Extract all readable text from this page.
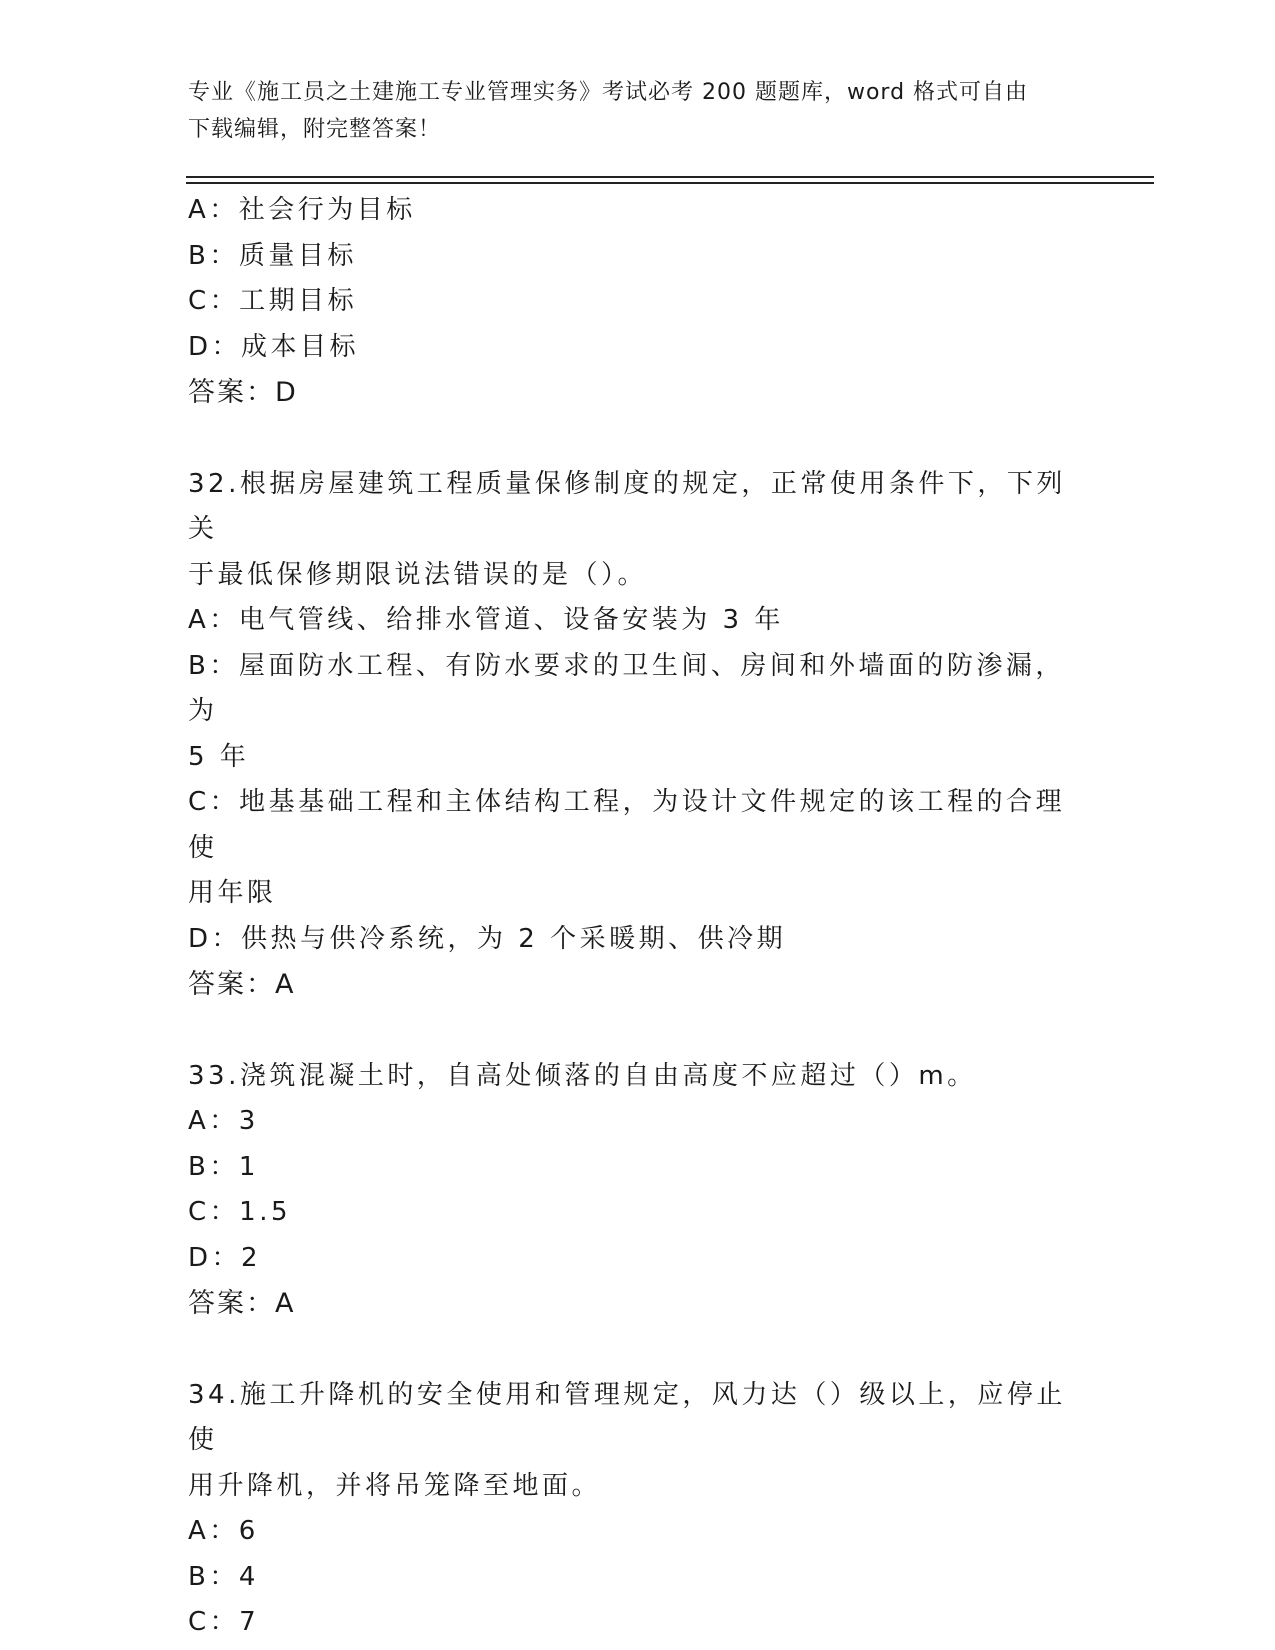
专业《施工员之土建施工专业管理实务》考试必考 200 题题库，word 格式可自由
下载编辑，附完整答案！
A：社会行为目标
B：质量目标
C：工期目标
D：成本目标
答案：D
32.根据房屋建筑工程质量保修制度的规定，正常使用条件下，下列关
于最低保修期限说法错误的是（）。
A：电气管线、给排水管道、设备安装为 3 年
B：屋面防水工程、有防水要求的卫生间、房间和外墙面的防渗漏，为
5 年
C：地基基础工程和主体结构工程，为设计文件规定的该工程的合理使
用年限
D：供热与供冷系统，为 2 个采暖期、供冷期
答案：A
33.浇筑混凝土时，自高处倾落的自由高度不应超过（）m。
A：3
B：1
C：1.5
D：2
答案：A
34.施工升降机的安全使用和管理规定，风力达（）级以上，应停止使
用升降机，并将吊笼降至地面。
A：6
B：4
C：7
